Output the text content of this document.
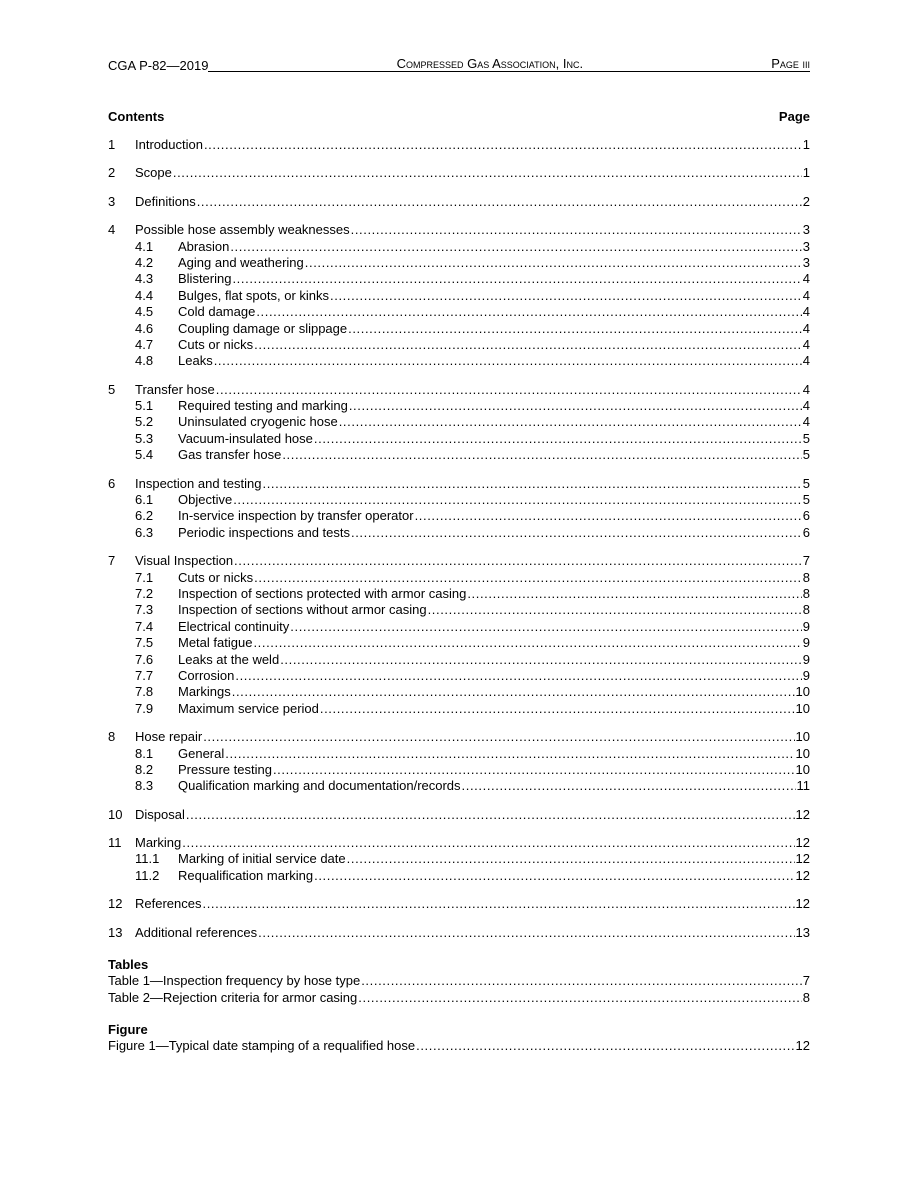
CGA P-82—2019	Compressed Gas Association, Inc.	Page iii
Contents	Page
1	Introduction .....	1
2	Scope .....	1
3	Definitions .....	2
4	Possible hose assembly weaknesses .....	3
4.1	Abrasion .....	3
4.2	Aging and weathering .....	3
4.3	Blistering .....	4
4.4	Bulges, flat spots, or kinks .....	4
4.5	Cold damage .....	4
4.6	Coupling damage or slippage .....	4
4.7	Cuts or nicks .....	4
4.8	Leaks .....	4
5	Transfer hose .....	4
5.1	Required testing and marking .....	4
5.2	Uninsulated cryogenic hose .....	4
5.3	Vacuum-insulated hose .....	5
5.4	Gas transfer hose .....	5
6	Inspection and testing .....	5
6.1	Objective .....	5
6.2	In-service inspection by transfer operator .....	6
6.3	Periodic inspections and tests .....	6
7	Visual Inspection .....	7
7.1	Cuts or nicks .....	8
7.2	Inspection of sections protected with armor casing .....	8
7.3	Inspection of sections without armor casing .....	8
7.4	Electrical continuity .....	9
7.5	Metal fatigue .....	9
7.6	Leaks at the weld .....	9
7.7	Corrosion .....	9
7.8	Markings .....	10
7.9	Maximum service period .....	10
8	Hose repair .....	10
8.1	General .....	10
8.2	Pressure testing .....	10
8.3	Qualification marking and documentation/records .....	11
10 Disposal .....	12
11	Marking .....	12
11.1	Marking of initial service date .....	12
11.2	Requalification marking .....	12
12 References .....	12
13 Additional references .....	13
Tables
Table 1—Inspection frequency by hose type .....	7
Table 2—Rejection criteria for armor casing .....	8
Figure
Figure 1—Typical date stamping of a requalified hose .....	12
